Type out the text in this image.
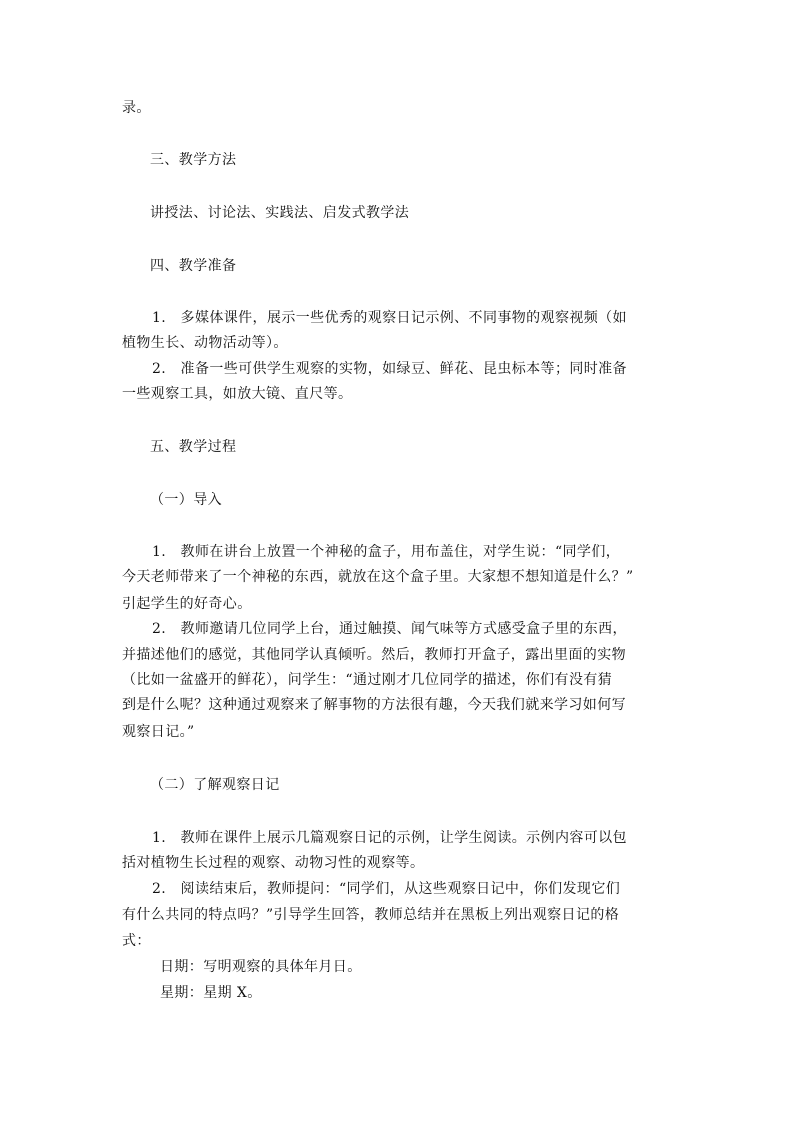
录。

三、教学方法

讲授法、讨论法、实践法、启发式教学法

四、教学准备

1.　多媒体课件，展示一些优秀的观察日记示例、不同事物的观察视频（如

植物生长、动物活动等）。

2.　准备一些可供学生观察的实物，如绿豆、鲜花、昆虫标本等；同时准备

一些观察工具，如放大镜、直尺等。

五、教学过程

（一）导入

1.　教师在讲台上放置一个神秘的盒子，用布盖住，对学生说：“同学们，

今天老师带来了一个神秘的东西，就放在这个盒子里。大家想不想知道是什么？”

引起学生的好奇心。

2.　教师邀请几位同学上台，通过触摸、闻气味等方式感受盒子里的东西，

并描述他们的感觉，其他同学认真倾听。然后，教师打开盒子，露出里面的实物

（比如一盆盛开的鲜花），问学生：“通过刚才几位同学的描述，你们有没有猜

到是什么呢？这种通过观察来了解事物的方法很有趣，今天我们就来学习如何写

观察日记。”

（二）了解观察日记

1.　教师在课件上展示几篇观察日记的示例，让学生阅读。示例内容可以包

括对植物生长过程的观察、动物习性的观察等。

2.　阅读结束后，教师提问：“同学们，从这些观察日记中，你们发现它们

有什么共同的特点吗？”引导学生回答，教师总结并在黑板上列出观察日记的格

式：

日期：写明观察的具体年月日。

星期：星期 X。
